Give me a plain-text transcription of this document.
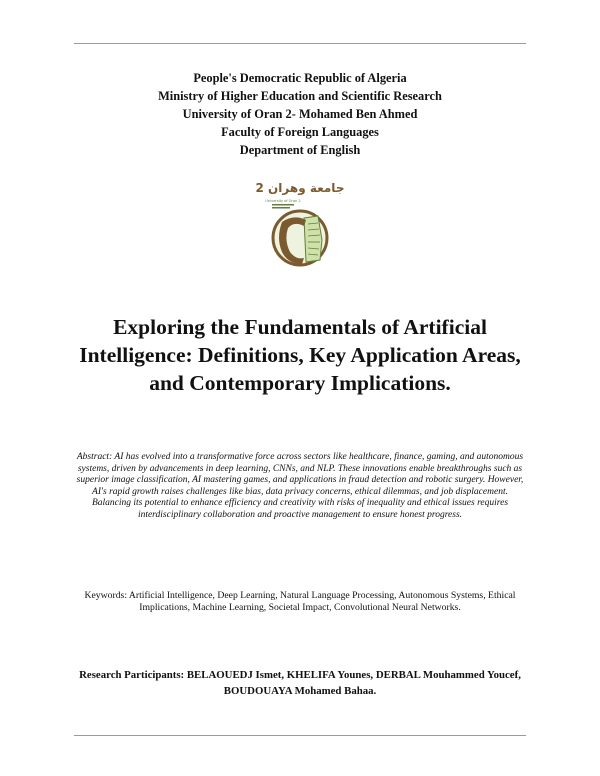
People's Democratic Republic of Algeria
Ministry of Higher Education and Scientific Research
University of Oran 2- Mohamed Ben Ahmed
Faculty of Foreign Languages
Department of English
جامعة وهران 2
University of Oran 2
Exploring the Fundamentals of Artificial Intelligence: Definitions, Key Application Areas, and Contemporary Implications.
Abstract: AI has evolved into a transformative force across sectors like healthcare, finance, gaming, and autonomous systems, driven by advancements in deep learning, CNNs, and NLP. These innovations enable breakthroughs such as superior image classification, AI mastering games, and applications in fraud detection and robotic surgery. However, AI's rapid growth raises challenges like bias, data privacy concerns, ethical dilemmas, and job displacement. Balancing its potential to enhance efficiency and creativity with risks of inequality and ethical issues requires interdisciplinary collaboration and proactive management to ensure honest progress.
Keywords: Artificial Intelligence, Deep Learning, Natural Language Processing, Autonomous Systems, Ethical Implications, Machine Learning, Societal Impact, Convolutional Neural Networks.
Research Participants: BELAOUEDJ Ismet, KHELIFA Younes, DERBAL Mouhammed Youcef, BOUDOUAYA Mohamed Bahaa.
